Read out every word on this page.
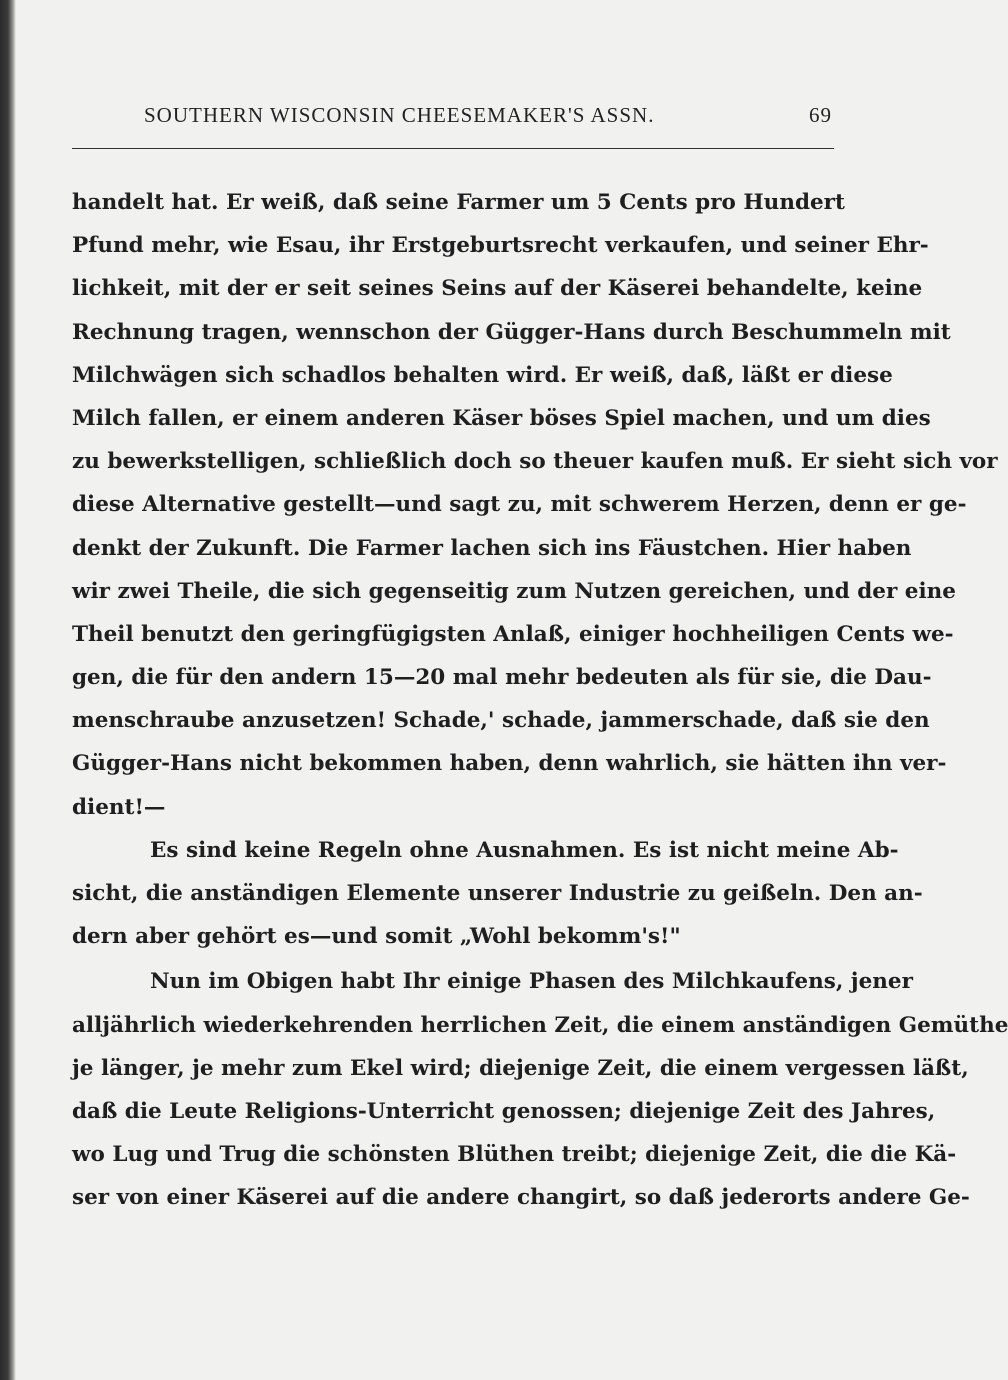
SOUTHERN WISCONSIN CHEESEMAKER'S ASSN.	69
handelt hat. Er weiß, daß seine Farmer um 5 Cents pro Hundert
Pfund mehr, wie Esau, ihr Erstgeburtsrecht verkaufen, und seiner Ehr-
lichkeit, mit der er seit seines Seins auf der Käserei behandelte, keine
Rechnung tragen, wennschon der Gügger-Hans durch Beschummeln mit
Milchwägen sich schadlos behalten wird. Er weiß, daß, läßt er diese
Milch fallen, er einem anderen Käser böses Spiel machen, und um dies
zu bewerkstelligen, schließlich doch so theuer kaufen muß. Er sieht sich vor
diese Alternative gestellt—und sagt zu, mit schwerem Herzen, denn er ge-
denkt der Zukunft. Die Farmer lachen sich ins Fäustchen. Hier haben
wir zwei Theile, die sich gegenseitig zum Nutzen gereichen, und der eine
Theil benutzt den geringfügigsten Anlaß, einiger hochheiligen Cents we-
gen, die für den andern 15—20 mal mehr bedeuten als für sie, die Dau-
menschraube anzusetzen! Schade,' schade, jammerschade, daß sie den
Gügger-Hans nicht bekommen haben, denn wahrlich, sie hätten ihn ver-
dient!—
Es sind keine Regeln ohne Ausnahmen. Es ist nicht meine Ab-
sicht, die anständigen Elemente unserer Industrie zu geißeln. Den an-
dern aber gehört es—und somit „Wohl bekomm's!"
Nun im Obigen habt Ihr einige Phasen des Milchkaufens, jener
alljährlich wiederkehrenden herrlichen Zeit, die einem anständigen Gemüthe
je länger, je mehr zum Ekel wird; diejenige Zeit, die einem vergessen läßt,
daß die Leute Religions-Unterricht genossen; diejenige Zeit des Jahres,
wo Lug und Trug die schönsten Blüthen treibt; diejenige Zeit, die die Kä-
ser von einer Käserei auf die andere changirt, so daß jederorts andere Ge-
